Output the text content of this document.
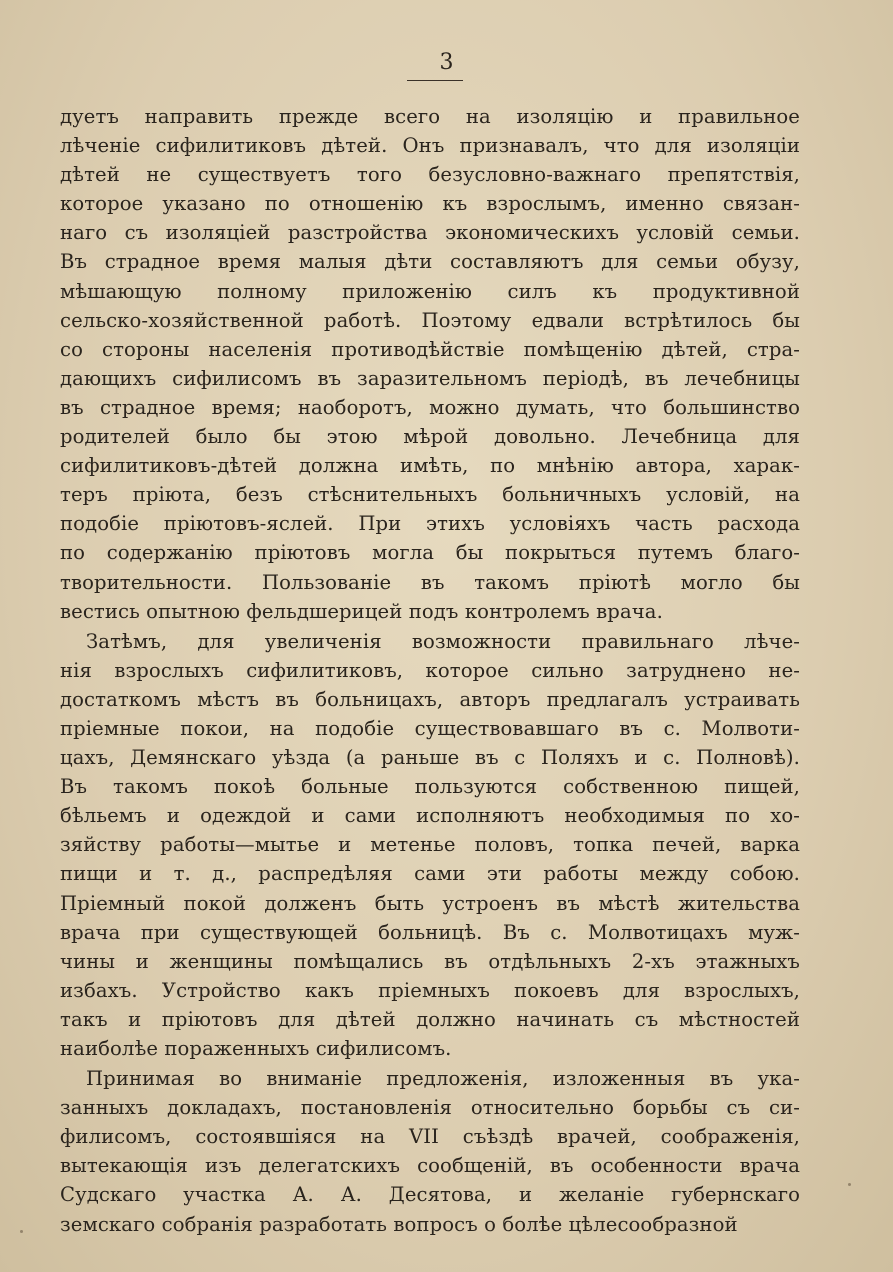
3
дуетъ направить прежде всего на изоляцію и правильное
лѣченіе сифилитиковъ дѣтей. Онъ признавалъ, что для изоляціи
дѣтей не существуетъ того безусловно-важнаго препятствія,
которое указано по отношенію къ взрослымъ, именно связан-
наго съ изоляціей разстройства экономическихъ условій семьи.
Въ страдное время малыя дѣти составляютъ для семьи обузу,
мѣшающую полному приложенію силъ къ продуктивной
сельско-хозяйственной работѣ. Поэтому едвали встрѣтилось бы
со стороны населенія противодѣйствіе помѣщенію дѣтей, стра-
дающихъ сифилисомъ въ заразительномъ періодѣ, въ лечебницы
въ страдное время; наоборотъ, можно думать, что большинство
родителей было бы этою мѣрой довольно. Лечебница для
сифилитиковъ-дѣтей должна имѣть, по мнѣнію автора, харак-
теръ пріюта, безъ стѣснительныхъ больничныхъ условій, на
подобіе пріютовъ-яслей. При этихъ условіяхъ часть расхода
по содержанію пріютовъ могла бы покрыться путемъ благо-
творительности. Пользованіе въ такомъ пріютѣ могло бы
вестись опытною фельдшерицей подъ контролемъ врача.
Затѣмъ, для увеличенія возможности правильнаго лѣче-
нія взрослыхъ сифилитиковъ, которое сильно затруднено не-
достаткомъ мѣстъ въ больницахъ, авторъ предлагалъ устраивать
пріемные покои, на подобіе существовавшаго въ с. Молвоти-
цахъ, Демянскаго уѣзда (а раньше въ с Поляхъ и с. Полновѣ).
Въ такомъ покоѣ больные пользуются собственною пищей,
бѣльемъ и одеждой и сами исполняютъ необходимыя по хо-
зяйству работы—мытье и метенье половъ, топка печей, варка
пищи и т. д., распредѣляя сами эти работы между собою.
Пріемный покой долженъ быть устроенъ въ мѣстѣ жительства
врача при существующей больницѣ. Въ с. Молвотицахъ муж-
чины и женщины помѣщались въ отдѣльныхъ 2-хъ этажныхъ
избахъ. Устройство какъ пріемныхъ покоевъ для взрослыхъ,
такъ и пріютовъ для дѣтей должно начинать съ мѣстностей
наиболѣе пораженныхъ сифилисомъ.
Принимая во вниманіе предложенія, изложенныя въ ука-
занныхъ докладахъ, постановленія относительно борьбы съ си-
филисомъ, состоявшіяся на VII съѣздѣ врачей, соображенія,
вытекающія изъ делегатскихъ сообщеній, въ особенности врача
Судскаго участка А. А. Десятова, и желаніе губернскаго
земскаго собранія разработать вопросъ о болѣе цѣлесообразной
